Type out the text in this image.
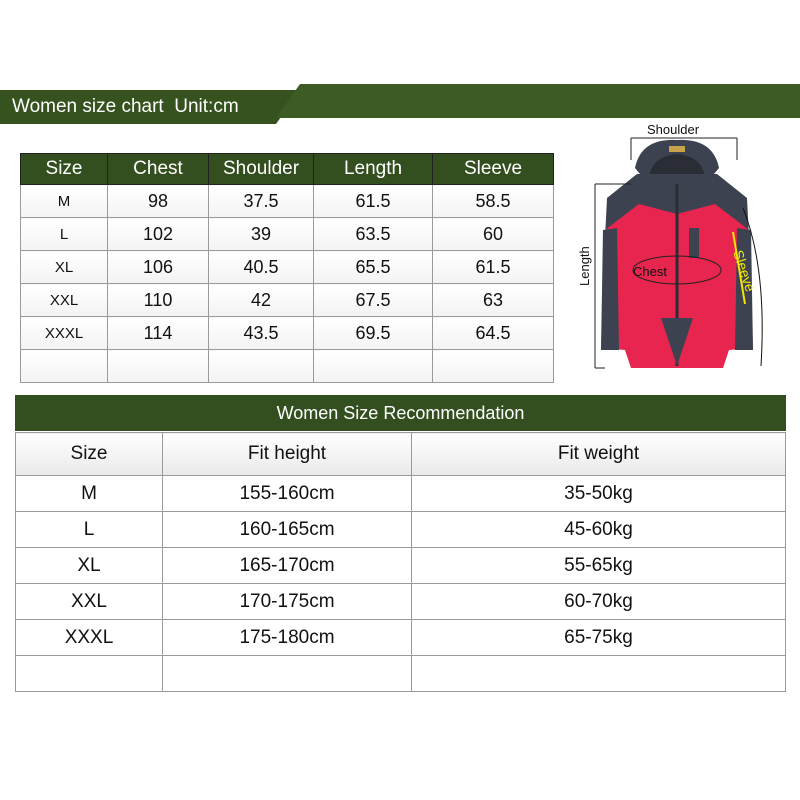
Women size chart  Unit:cm
Size	Chest	Shoulder	Length	Sleeve
M	98	37.5	61.5	58.5
L	102	39	63.5	60
XL	106	40.5	65.5	61.5
XXL	110	42	67.5	63
XXXL	114	43.5	69.5	64.5

Shoulder
Sleeve
Length	Chest
Women Size Recommendation
Size	Fit height	Fit weight
M	155-160cm	35-50kg
L	160-165cm	45-60kg
XL	165-170cm	55-65kg
XXL	170-175cm	60-70kg
XXXL	175-180cm	65-75kg
